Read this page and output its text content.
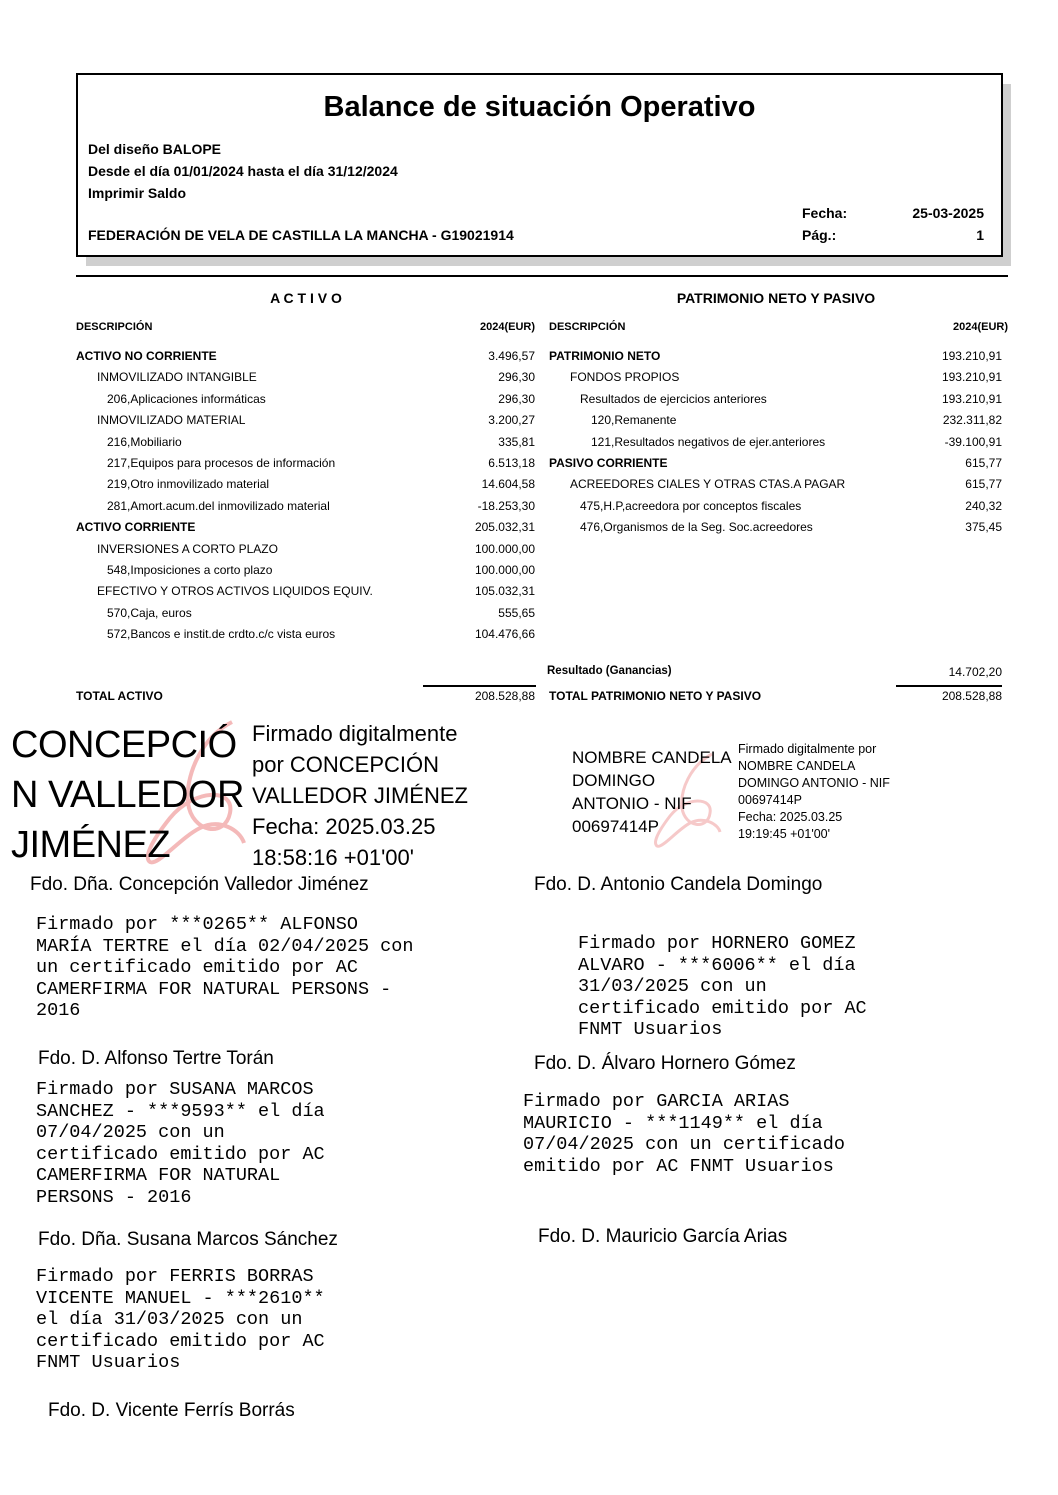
Balance de situación Operativo
Del diseño BALOPE
Desde el día 01/01/2024 hasta el día 31/12/2024
Imprimir Saldo
Fecha:	25-03-2025
FEDERACIÓN DE VELA DE CASTILLA LA MANCHA - G19021914	Pág.:	1
A C T I V O
DESCRIPCIÓN	2024(EUR)
ACTIVO NO CORRIENTE	3.496,57
INMOVILIZADO INTANGIBLE	296,30
206,Aplicaciones informáticas	296,30
INMOVILIZADO MATERIAL	3.200,27
216,Mobiliario	335,81
217,Equipos para procesos de información	6.513,18
219,Otro inmovilizado material	14.604,58
281,Amort.acum.del inmovilizado material	-18.253,30
ACTIVO CORRIENTE	205.032,31
INVERSIONES A CORTO PLAZO	100.000,00
548,Imposiciones a corto plazo	100.000,00
EFECTIVO Y OTROS ACTIVOS LIQUIDOS EQUIV.	105.032,31
570,Caja, euros	555,65
572,Bancos e instit.de crdto.c/c vista euros	104.476,66
TOTAL ACTIVO	208.528,88
PATRIMONIO NETO Y PASIVO
DESCRIPCIÓN	2024(EUR)
PATRIMONIO NETO	193.210,91
FONDOS PROPIOS	193.210,91
Resultados de ejercicios anteriores	193.210,91
120,Remanente	232.311,82
121,Resultados negativos de ejer.anteriores	-39.100,91
PASIVO CORRIENTE	615,77
ACREEDORES CIALES Y OTRAS CTAS.A PAGAR	615,77
475,H.P,acreedora por conceptos fiscales	240,32
476,Organismos de la Seg. Soc.acreedores	375,45
Resultado (Ganancias)	14.702,20
TOTAL PATRIMONIO NETO Y PASIVO	208.528,88
CONCEPCIÓ
N VALLEDOR
JIMÉNEZ
Firmado digitalmente
por CONCEPCIÓN
VALLEDOR JIMÉNEZ
Fecha: 2025.03.25
18:58:16 +01'00'
Fdo. Dña. Concepción Valledor Jiménez
NOMBRE CANDELA
DOMINGO
ANTONIO - NIF
00697414P
Firmado digitalmente por
NOMBRE CANDELA
DOMINGO ANTONIO - NIF
00697414P
Fecha: 2025.03.25
19:19:45 +01'00'
Fdo. D. Antonio Candela Domingo
Firmado por ***0265** ALFONSO
MARÍA TERTRE el día 02/04/2025 con
un certificado emitido por AC
CAMERFIRMA FOR NATURAL PERSONS -
2016
Fdo. D. Alfonso Tertre Torán
Firmado por HORNERO GOMEZ
ALVARO - ***6006** el día
31/03/2025 con un
certificado emitido por AC
FNMT Usuarios
Fdo. D. Álvaro Hornero Gómez
Firmado por SUSANA MARCOS
SANCHEZ - ***9593** el día
07/04/2025 con un
certificado emitido por AC
CAMERFIRMA FOR NATURAL
PERSONS - 2016
Fdo. Dña. Susana Marcos Sánchez
Firmado por GARCIA ARIAS
MAURICIO - ***1149** el día
07/04/2025 con un certificado
emitido por AC FNMT Usuarios
Fdo. D. Mauricio García Arias
Firmado por FERRIS BORRAS
VICENTE MANUEL - ***2610**
el día 31/03/2025 con un
certificado emitido por AC
FNMT Usuarios
Fdo. D. Vicente Ferrís Borrás
